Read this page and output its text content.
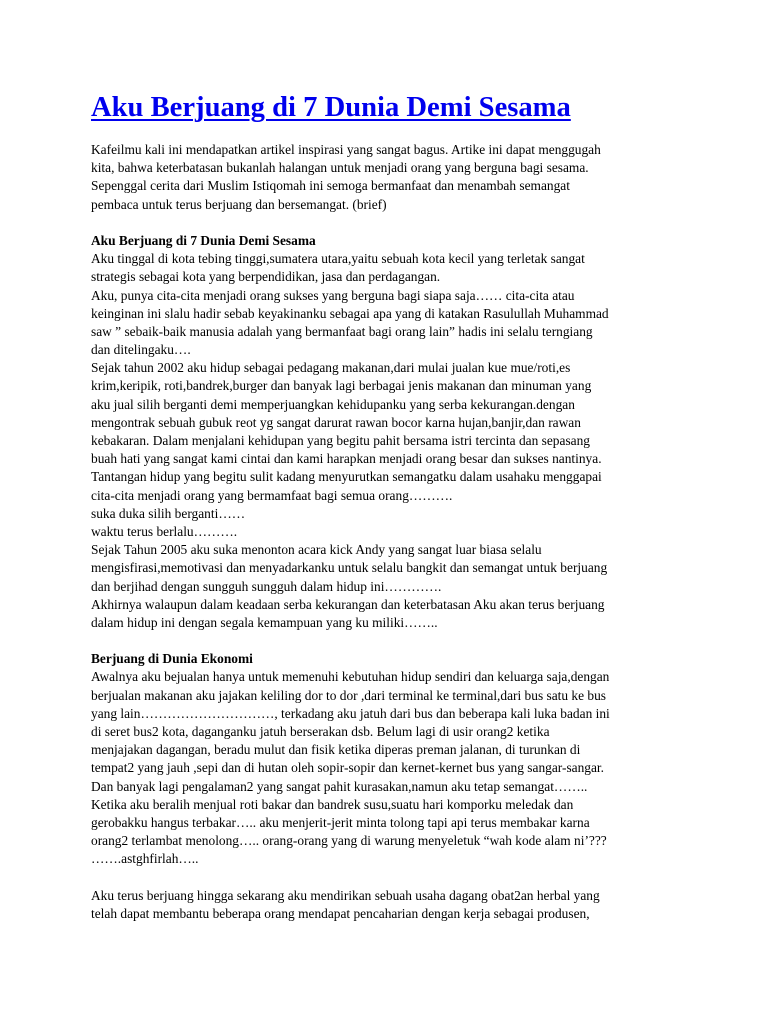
Aku Berjuang di 7 Dunia Demi Sesama
Kafeilmu kali ini mendapatkan artikel inspirasi yang sangat bagus. Artike ini dapat menggugah
kita, bahwa keterbatasan bukanlah halangan untuk menjadi orang yang berguna bagi sesama.
Sepenggal cerita dari Muslim Istiqomah ini semoga bermanfaat dan menambah semangat
pembaca untuk terus berjuang dan bersemangat. (brief)
Aku Berjuang di 7 Dunia Demi Sesama
Aku tinggal di kota tebing tinggi,sumatera utara,yaitu sebuah kota kecil yang terletak sangat
strategis sebagai kota yang berpendidikan, jasa dan perdagangan.
Aku, punya cita-cita menjadi orang sukses yang berguna bagi siapa saja…… cita-cita atau
keinginan ini slalu hadir sebab keyakinanku sebagai apa yang di katakan Rasulullah Muhammad
saw ” sebaik-baik manusia adalah yang bermanfaat bagi orang lain” hadis ini selalu terngiang
dan ditelingaku….
Sejak tahun 2002 aku hidup sebagai pedagang makanan,dari mulai jualan kue mue/roti,es
krim,keripik, roti,bandrek,burger dan banyak lagi berbagai jenis makanan dan minuman yang
aku jual silih berganti demi memperjuangkan kehidupanku yang serba kekurangan.dengan
mengontrak sebuah gubuk reot yg sangat darurat rawan bocor karna hujan,banjir,dan rawan
kebakaran. Dalam menjalani kehidupan yang begitu pahit bersama istri tercinta dan sepasang
buah hati yang sangat kami cintai dan kami harapkan menjadi orang besar dan sukses nantinya.
Tantangan hidup yang begitu sulit kadang menyurutkan semangatku dalam usahaku menggapai
cita-cita menjadi orang yang bermamfaat bagi semua orang……….
suka duka silih berganti……
waktu terus berlalu……….
Sejak Tahun 2005 aku suka menonton acara kick Andy yang sangat luar biasa selalu
mengisfirasi,memotivasi dan menyadarkanku untuk selalu bangkit dan semangat untuk berjuang
dan berjihad dengan sungguh sungguh dalam hidup ini………….
Akhirnya walaupun dalam keadaan serba kekurangan dan keterbatasan Aku akan terus berjuang
dalam hidup ini dengan segala kemampuan yang ku miliki……..
Berjuang di Dunia Ekonomi
Awalnya aku bejualan hanya untuk memenuhi kebutuhan hidup sendiri dan keluarga saja,dengan
berjualan makanan aku jajakan keliling dor to dor ,dari terminal ke terminal,dari bus satu ke bus
yang lain…………………………, terkadang aku jatuh dari bus dan beberapa kali luka badan ini
di seret bus2 kota, daganganku jatuh berserakan dsb. Belum lagi di usir orang2 ketika
menjajakan dagangan, beradu mulut dan fisik ketika diperas preman jalanan, di turunkan di
tempat2 yang jauh ,sepi dan di hutan oleh sopir-sopir dan kernet-kernet bus yang sangar-sangar.
Dan banyak lagi pengalaman2 yang sangat pahit kurasakan,namun aku tetap semangat……..
Ketika aku beralih menjual roti bakar dan bandrek susu,suatu hari komporku meledak dan
gerobakku hangus terbakar….. aku menjerit-jerit minta tolong tapi api terus membakar karna
orang2 terlambat menolong….. orang-orang yang di warung menyeletuk “wah kode alam ni’???
…….astghfirlah…..
Aku terus berjuang hingga sekarang aku mendirikan sebuah usaha dagang obat2an herbal yang
telah dapat membantu beberapa orang mendapat pencaharian dengan kerja sebagai produsen,
